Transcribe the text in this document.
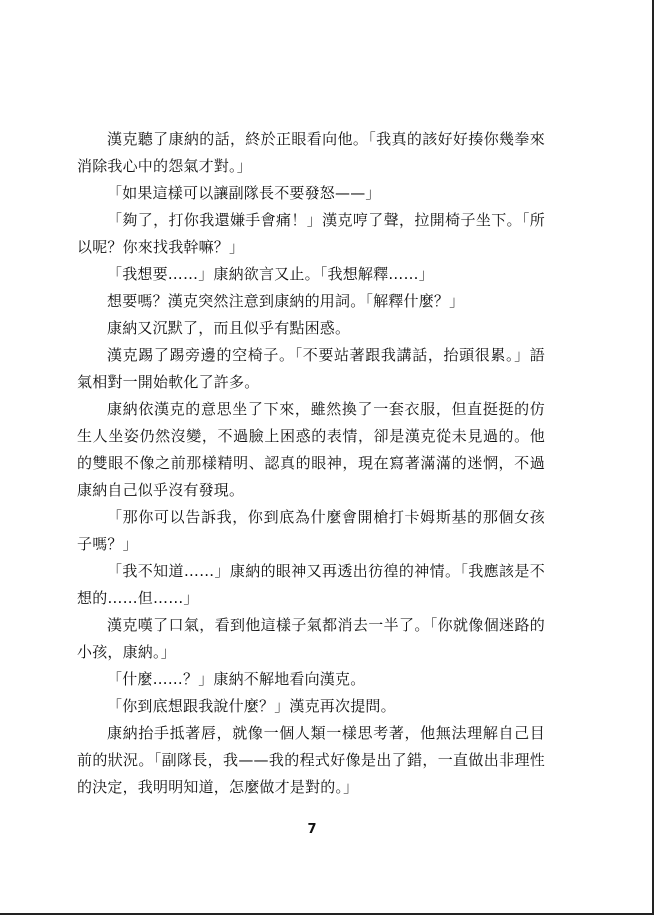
漢克聽了康納的話，終於正眼看向他。「我真的該好好揍你幾拳來消除我心中的怨氣才對。」

「如果這樣可以讓副隊長不要發怒——」

「夠了，打你我還嫌手會痛！」漢克哼了聲，拉開椅子坐下。「所以呢？你來找我幹嘛？」

「我想要……」康納欲言又止。「我想解釋……」

想要嗎？漢克突然注意到康納的用詞。「解釋什麼？」

康納又沉默了，而且似乎有點困惑。

漢克踢了踢旁邊的空椅子。「不要站著跟我講話，抬頭很累。」語氣相對一開始軟化了許多。

康納依漢克的意思坐了下來，雖然換了一套衣服，但直挺挺的仿生人坐姿仍然沒變，不過臉上困惑的表情，卻是漢克從未見過的。他的雙眼不像之前那樣精明、認真的眼神，現在寫著滿滿的迷惘，不過康納自己似乎沒有發現。

「那你可以告訴我，你到底為什麼會開槍打卡姆斯基的那個女孩子嗎？」

「我不知道……」康納的眼神又再透出彷徨的神情。「我應該是不想的……但……」

漢克嘆了口氣，看到他這樣子氣都消去一半了。「你就像個迷路的小孩，康納。」

「什麼……？」康納不解地看向漢克。

「你到底想跟我說什麼？」漢克再次提問。

康納抬手抵著唇，就像一個人類一樣思考著，他無法理解自己目前的狀況。「副隊長，我——我的程式好像是出了錯，一直做出非理性的決定，我明明知道，怎麼做才是對的。」

7
